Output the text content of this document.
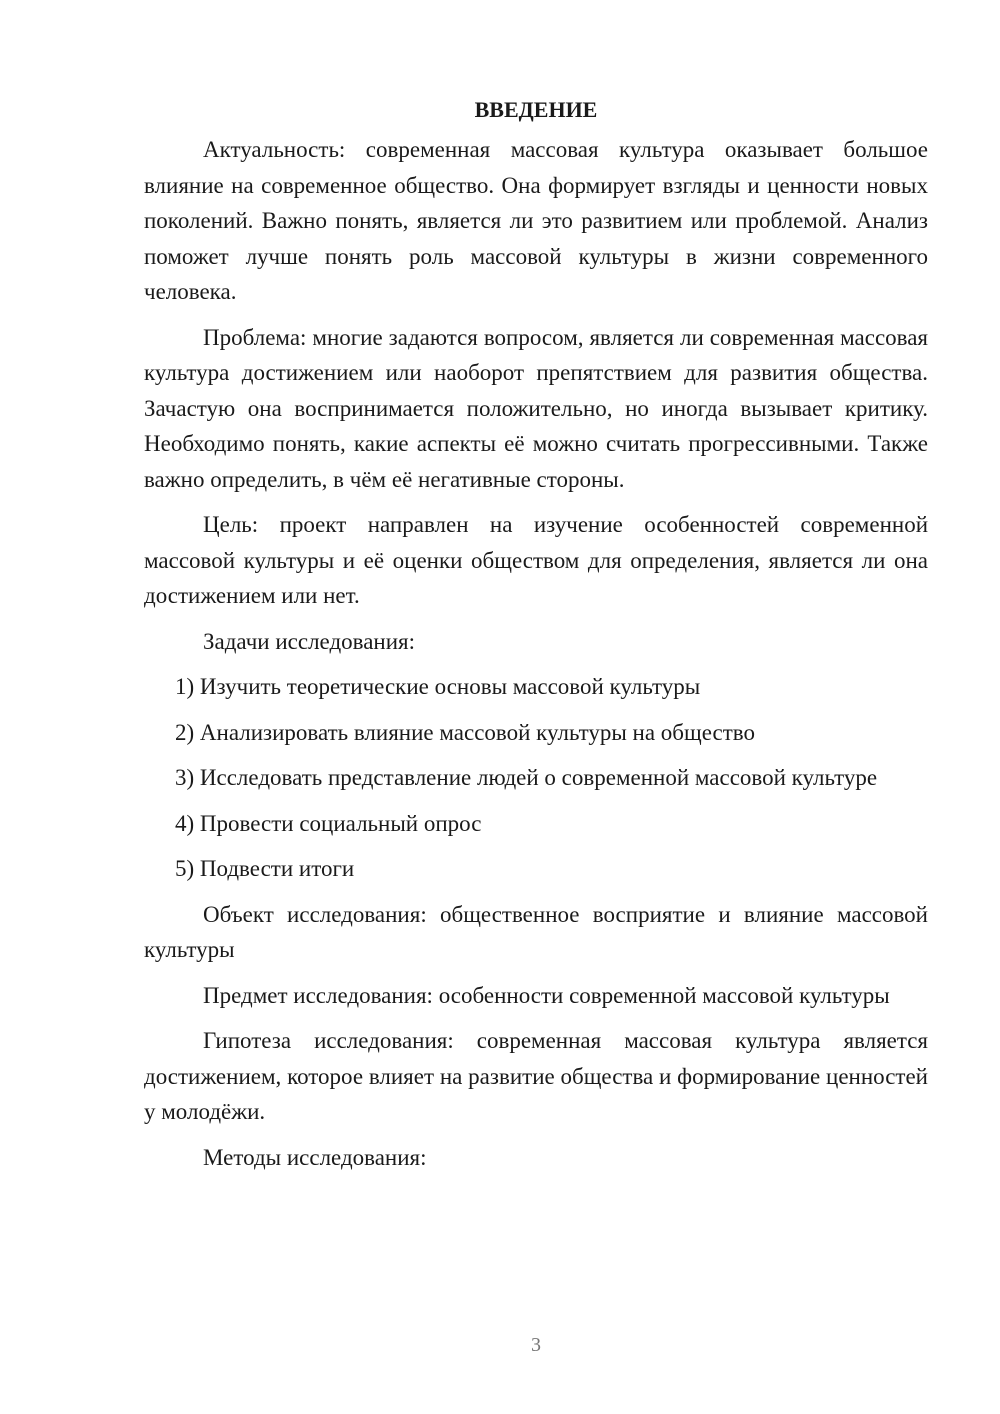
ВВЕДЕНИЕ

Актуальность: современная массовая культура оказывает большое влияние на современное общество. Она формирует взгляды и ценности новых поколений. Важно понять, является ли это развитием или проблемой. Анализ поможет лучше понять роль массовой культуры в жизни современного человека.

Проблема: многие задаются вопросом, является ли современная массовая культура достижением или наоборот препятствием для развития общества. Зачастую она воспринимается положительно, но иногда вызывает критику. Необходимо понять, какие аспекты её можно считать прогрессивными. Также важно определить, в чём её негативные стороны.

Цель: проект направлен на изучение особенностей современной массовой культуры и её оценки обществом для определения, является ли она достижением или нет.

Задачи исследования:

1) Изучить теоретические основы массовой культуры

2) Анализировать влияние массовой культуры на общество

3) Исследовать представление людей о современной массовой культуре

4) Провести социальный опрос

5) Подвести итоги

Объект исследования: общественное восприятие и влияние массовой культуры

Предмет исследования: особенности современной массовой культуры

Гипотеза исследования: современная массовая культура является достижением, которое влияет на развитие общества и формирование ценностей у молодёжи.

Методы исследования:

3
